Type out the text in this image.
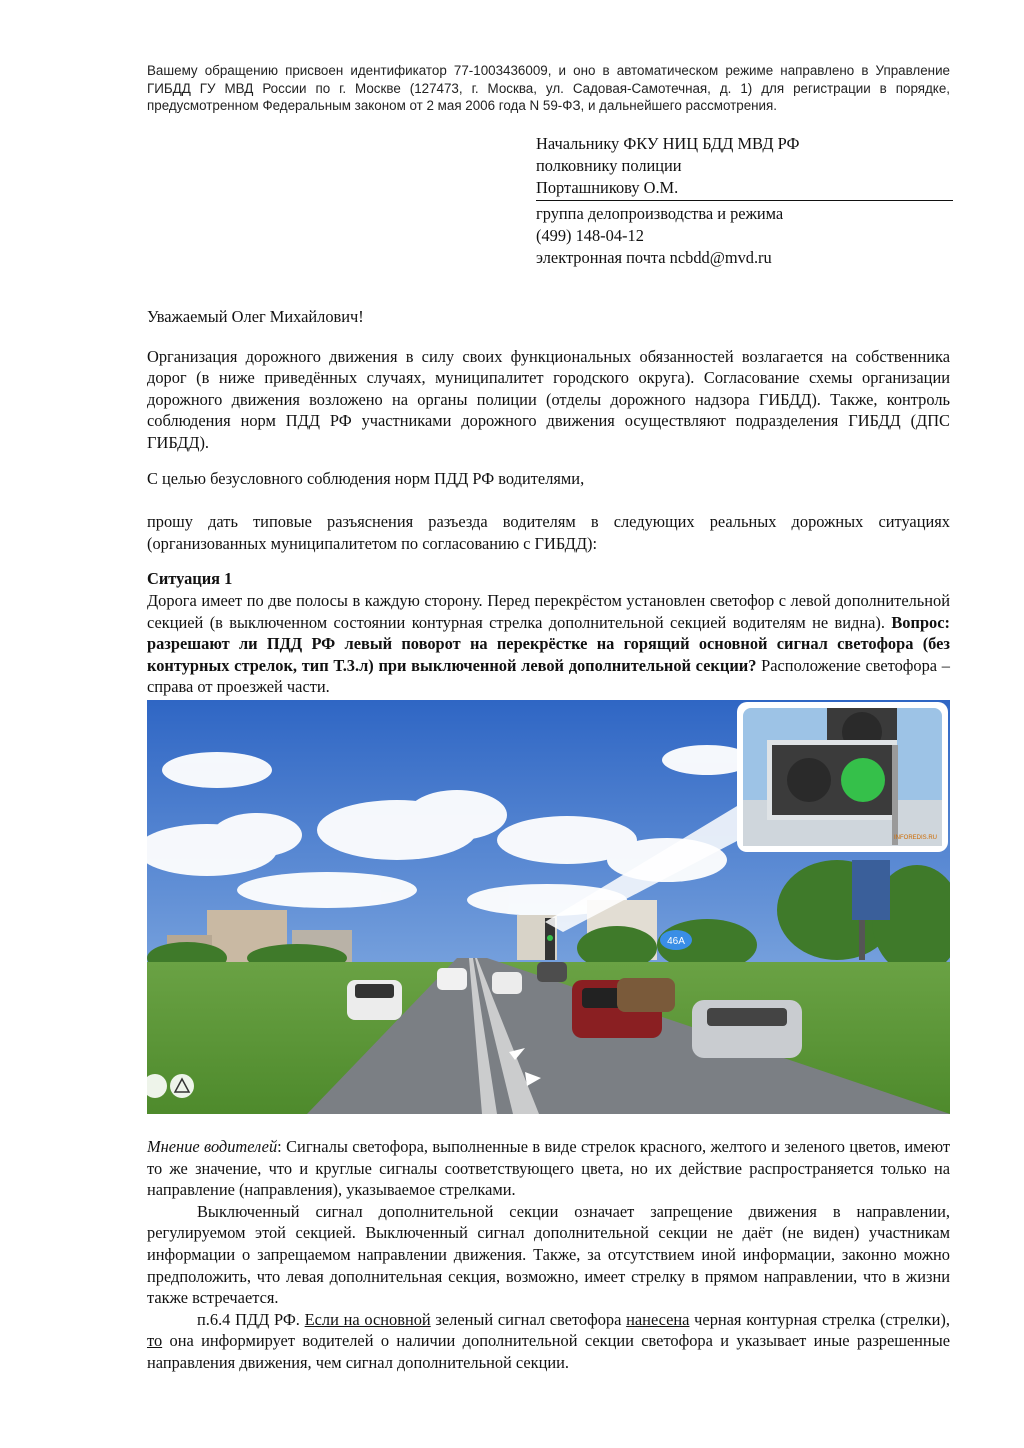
Вашему обращению присвоен идентификатор 77-1003436009, и оно в автоматическом режиме направлено в Управление ГИБДД ГУ МВД России по г. Москве (127473, г. Москва, ул. Садовая-Самотечная, д. 1) для регистрации в порядке, предусмотренном Федеральным законом от 2 мая 2006 года N 59-ФЗ, и дальнейшего рассмотрения.
Начальнику ФКУ НИЦ БДД МВД РФ
полковнику полиции
Порташникову О.М.
группа делопроизводства и режима
(499) 148-04-12
электронная почта ncbdd@mvd.ru

Уважаемый Олег Михайлович!

Организация дорожного движения в силу своих функциональных обязанностей возлагается на собственника дорог (в ниже приведённых случаях, муниципалитет городского округа). Согласование схемы организации дорожного движения возложено на органы полиции (отделы дорожного надзора ГИБДД). Также, контроль соблюдения норм ПДД РФ участниками дорожного движения осуществляют подразделения ГИБДД (ДПС ГИБДД).

С целью безусловного соблюдения норм ПДД РФ водителями,

прошу дать типовые разъяснения разъезда водителям в следующих реальных дорожных ситуациях (организованных муниципалитетом по согласованию с ГИБДД):

Ситуация 1
Дорога имеет по две полосы в каждую сторону. Перед перекрёстом установлен светофор с левой дополнительной секцией (в выключенном состоянии контурная стрелка дополнительной секцией водителям не видна). Вопрос: разрешают ли ПДД РФ левый поворот на перекрёстке на горящий основной сигнал светофора (без контурных стрелок, тип Т.3.л) при выключенной левой дополнительной секции? Расположение светофора – справа от проезжей части.

46А
INFOREDIS.RU

Мнение водителей: Сигналы светофора, выполненные в виде стрелок красного, желтого и зеленого цветов, имеют то же значение, что и круглые сигналы соответствующего цвета, но их действие распространяется только на направление (направления), указываемое стрелками.

Выключенный сигнал дополнительной секции означает запрещение движения в направлении, регулируемом этой секцией. Выключенный сигнал дополнительной секции не даёт (не виден) участникам информации о запрещаемом направлении движения. Также, за отсутствием иной информации, законно можно предположить, что левая дополнительная секция, возможно, имеет стрелку в прямом направлении, что в жизни также встречается.

п.6.4 ПДД РФ. Если на основной зеленый сигнал светофора нанесена черная контурная стрелка (стрелки), то она информирует водителей о наличии дополнительной секции светофора и указывает иные разрешенные направления движения, чем сигнал дополнительной секции.
